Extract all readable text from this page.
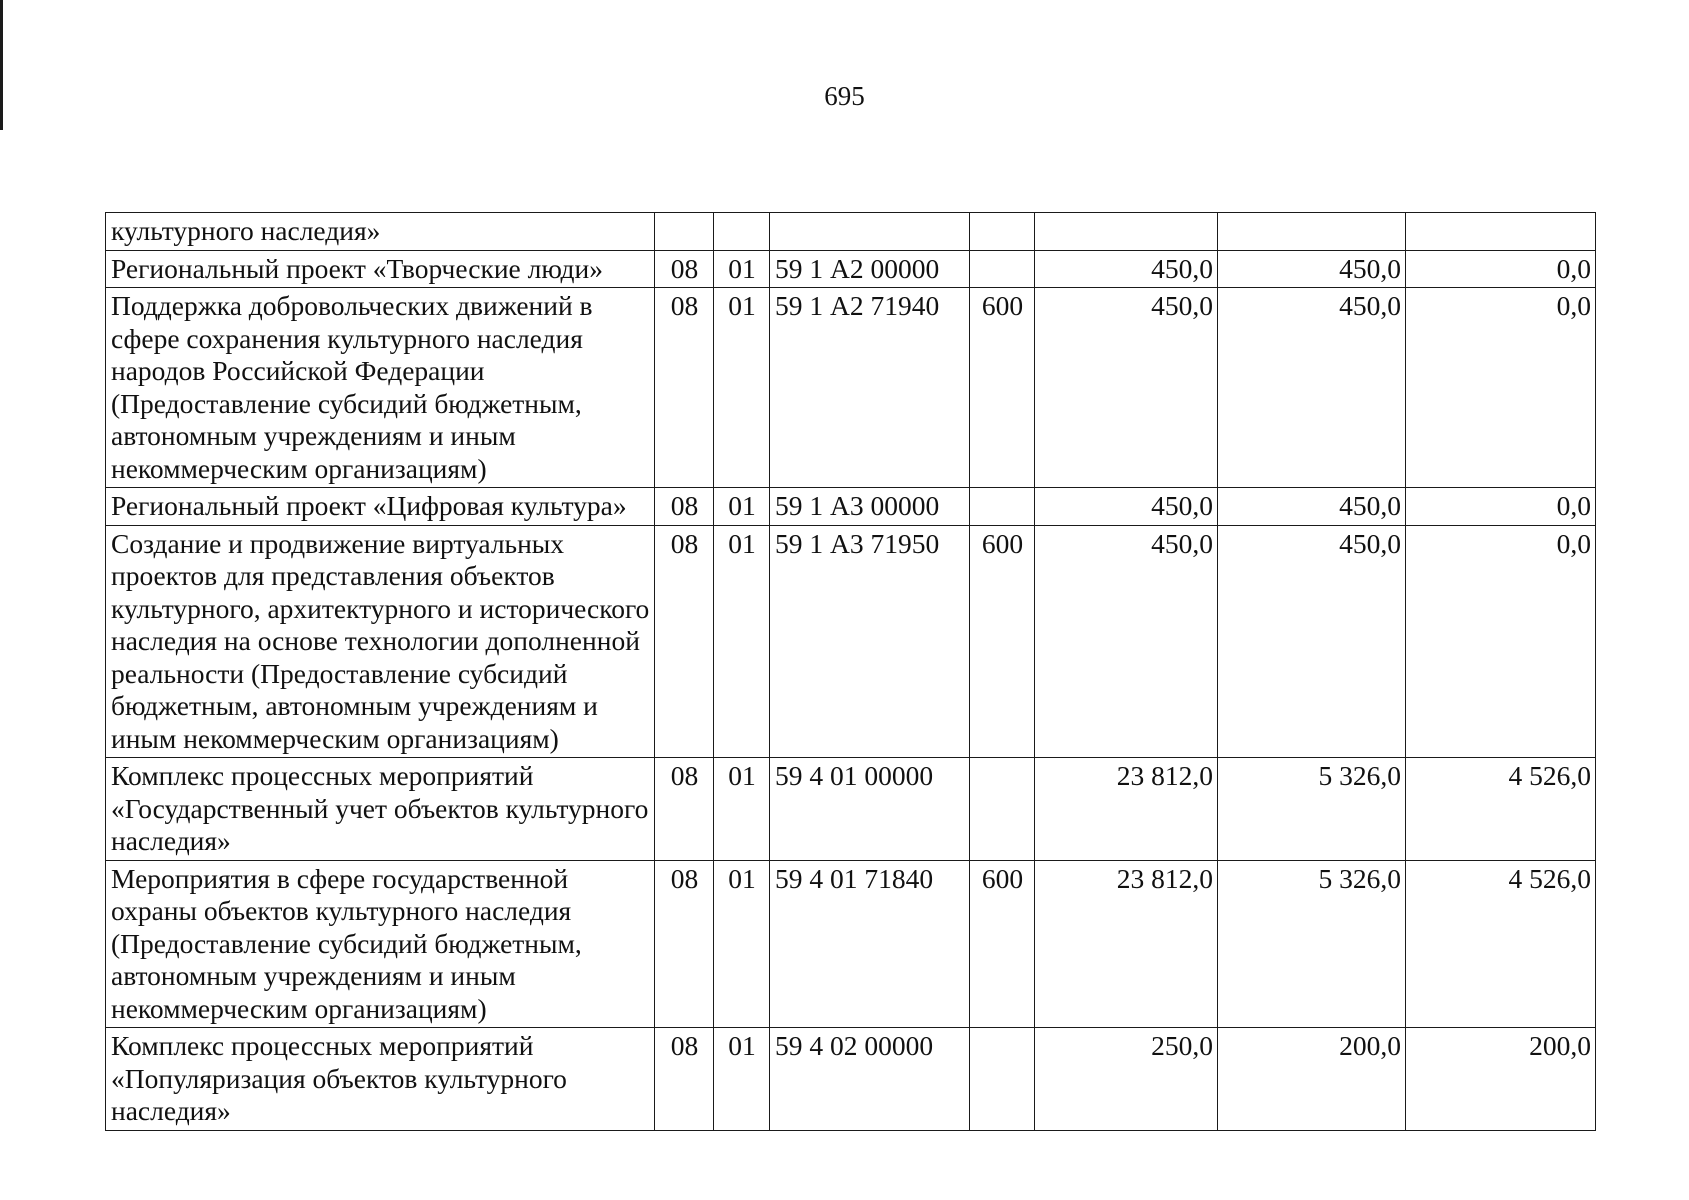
695
культурного наследия»							
Региональный проект «Творческие люди»	08	01	59 1 А2 00000		450,0	450,0	0,0
Поддержка добровольческих движений в сфере сохранения культурного наследия народов Российской Федерации (Предоставление субсидий бюджетным, автономным учреждениям и иным некоммерческим организациям)	08	01	59 1 А2 71940	600	450,0	450,0	0,0
Региональный проект «Цифровая культура»	08	01	59 1 А3 00000		450,0	450,0	0,0
Создание и продвижение виртуальных проектов для представления объектов культурного, архитектурного и исторического наследия на основе технологии дополненной реальности (Предоставление субсидий бюджетным, автономным учреждениям и иным некоммерческим организациям)	08	01	59 1 А3 71950	600	450,0	450,0	0,0
Комплекс процессных мероприятий «Государственный учет объектов культурного наследия»	08	01	59 4 01 00000		23 812,0	5 326,0	4 526,0
Мероприятия в сфере государственной охраны объектов культурного наследия (Предоставление субсидий бюджетным, автономным учреждениям и иным некоммерческим организациям)	08	01	59 4 01 71840	600	23 812,0	5 326,0	4 526,0
Комплекс процессных мероприятий «Популяризация объектов культурного наследия»	08	01	59 4 02 00000		250,0	200,0	200,0
